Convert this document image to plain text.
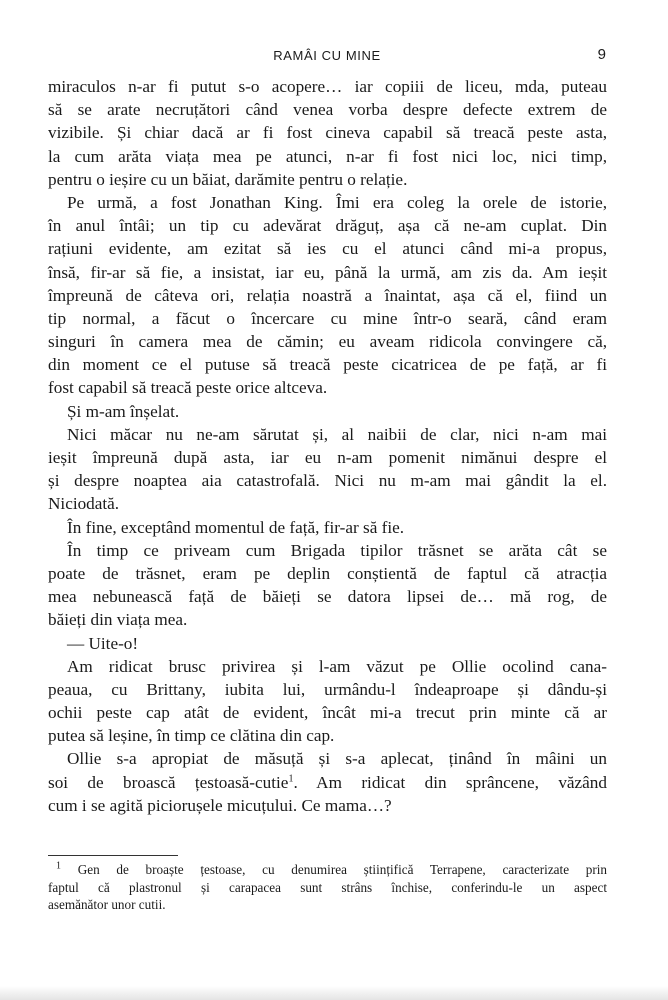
RAMÂI CU MINE	9
miraculos n-ar fi putut s-o acopere… iar copiii de liceu, mda, puteau
să se arate necruțători când venea vorba despre defecte extrem de
vizibile. Și chiar dacă ar fi fost cineva capabil să treacă peste asta,
la cum arăta viața mea pe atunci, n-ar fi fost nici loc, nici timp,
pentru o ieșire cu un băiat, darămite pentru o relație.
Pe urmă, a fost Jonathan King. Îmi era coleg la orele de istorie,
în anul întâi; un tip cu adevărat drăguț, așa că ne-am cuplat. Din
rațiuni evidente, am ezitat să ies cu el atunci când mi-a propus,
însă, fir-ar să fie, a insistat, iar eu, până la urmă, am zis da. Am ieșit
împreună de câteva ori, relația noastră a înaintat, așa că el, fiind un
tip normal, a făcut o încercare cu mine într-o seară, când eram
singuri în camera mea de cămin; eu aveam ridicola convingere că,
din moment ce el putuse să treacă peste cicatricea de pe față, ar fi
fost capabil să treacă peste orice altceva.
Și m-am înșelat.
Nici măcar nu ne-am sărutat și, al naibii de clar, nici n-am mai
ieșit împreună după asta, iar eu n-am pomenit nimănui despre el
și despre noaptea aia catastrofală. Nici nu m-am mai gândit la el.
Niciodată.
În fine, exceptând momentul de față, fir-ar să fie.
În timp ce priveam cum Brigada tipilor trăsnet se arăta cât se
poate de trăsnet, eram pe deplin conștientă de faptul că atracția
mea nebunească față de băieți se datora lipsei de… mă rog, de
băieți din viața mea.
— Uite-o!
Am ridicat brusc privirea și l-am văzut pe Ollie ocolind cana-
peaua, cu Brittany, iubita lui, urmându-l îndeaproape și dându-și
ochii peste cap atât de evident, încât mi-a trecut prin minte că ar
putea să leșine, în timp ce clătina din cap.
Ollie s-a apropiat de măsuță și s-a aplecat, ținând în mâini un
soi de broască țestoasă-cutie$^1$. Am ridicat din sprâncene, văzând
cum i se agită piciorușele micuțului. Ce mama…?
$^1$ Gen de broaște țestoase, cu denumirea științifică Terrapene, caracterizate prin
faptul că plastronul și carapacea sunt strâns închise, conferindu-le un aspect
asemănător unor cutii.
